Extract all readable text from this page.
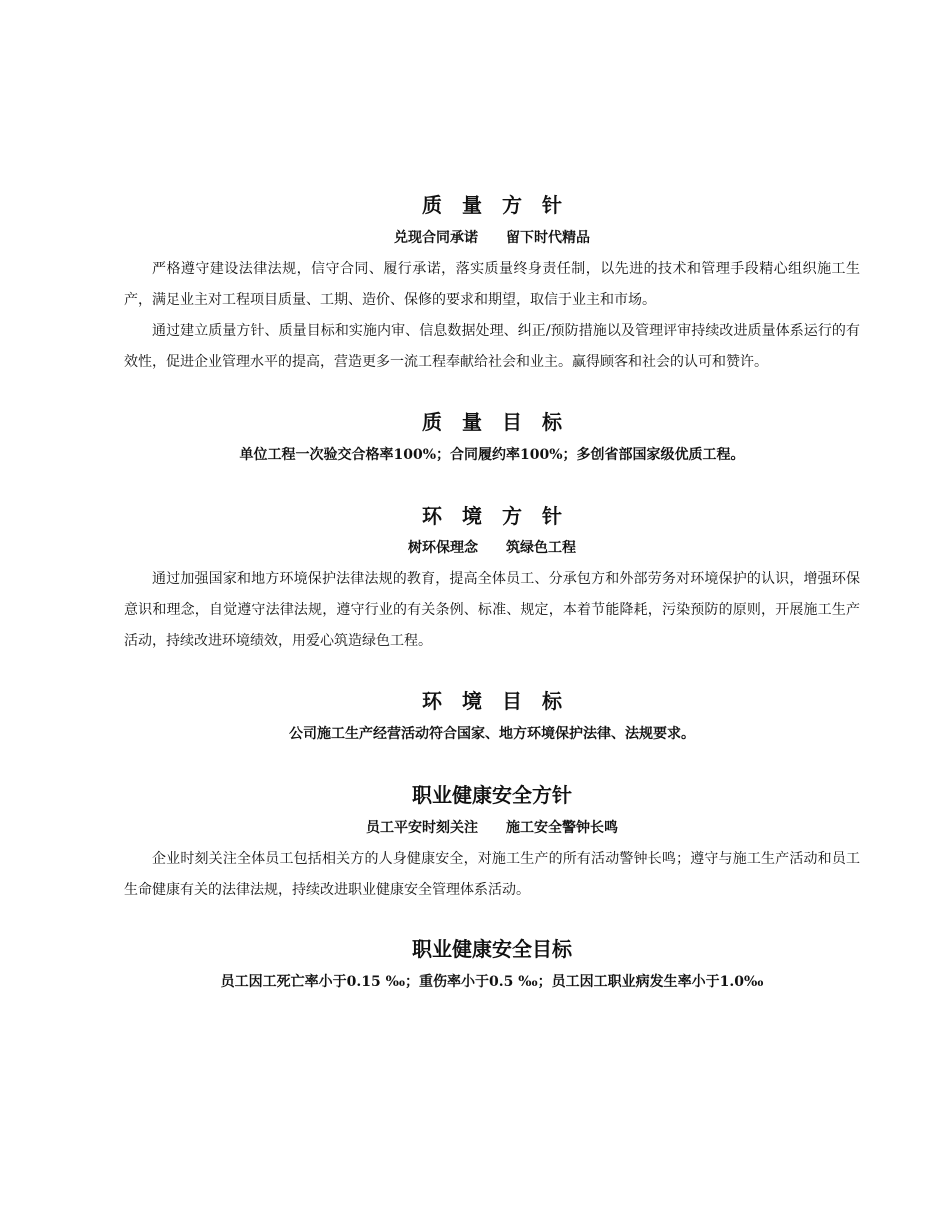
质　量　方　针
兑现合同承诺　　留下时代精品

严格遵守建设法律法规，信守合同、履行承诺，落实质量终身责任制，以先进的技术和管理手段精心组织施工生产，满足业主对工程项目质量、工期、造价、保修的要求和期望，取信于业主和市场。

通过建立质量方针、质量目标和实施内审、信息数据处理、纠正/预防措施以及管理评审持续改进质量体系运行的有效性，促进企业管理水平的提高，营造更多一流工程奉献给社会和业主。赢得顾客和社会的认可和赞许。

质　量　目　标
单位工程一次验交合格率100%；合同履约率100%；多创省部国家级优质工程。
环　境　方　针
树环保理念　　筑绿色工程

通过加强国家和地方环境保护法律法规的教育，提高全体员工、分承包方和外部劳务对环境保护的认识，增强环保意识和理念，自觉遵守法律法规，遵守行业的有关条例、标准、规定，本着节能降耗，污染预防的原则，开展施工生产活动，持续改进环境绩效，用爱心筑造绿色工程。

环　境　目　标
公司施工生产经营活动符合国家、地方环境保护法律、法规要求。
职业健康安全方针
员工平安时刻关注　　施工安全警钟长鸣

企业时刻关注全体员工包括相关方的人身健康安全，对施工生产的所有活动警钟长鸣；遵守与施工生产活动和员工生命健康有关的法律法规，持续改进职业健康安全管理体系活动。

职业健康安全目标
员工因工死亡率小于0.15 ‰；重伤率小于0.5 ‰；员工因工职业病发生率小于1.0‰
